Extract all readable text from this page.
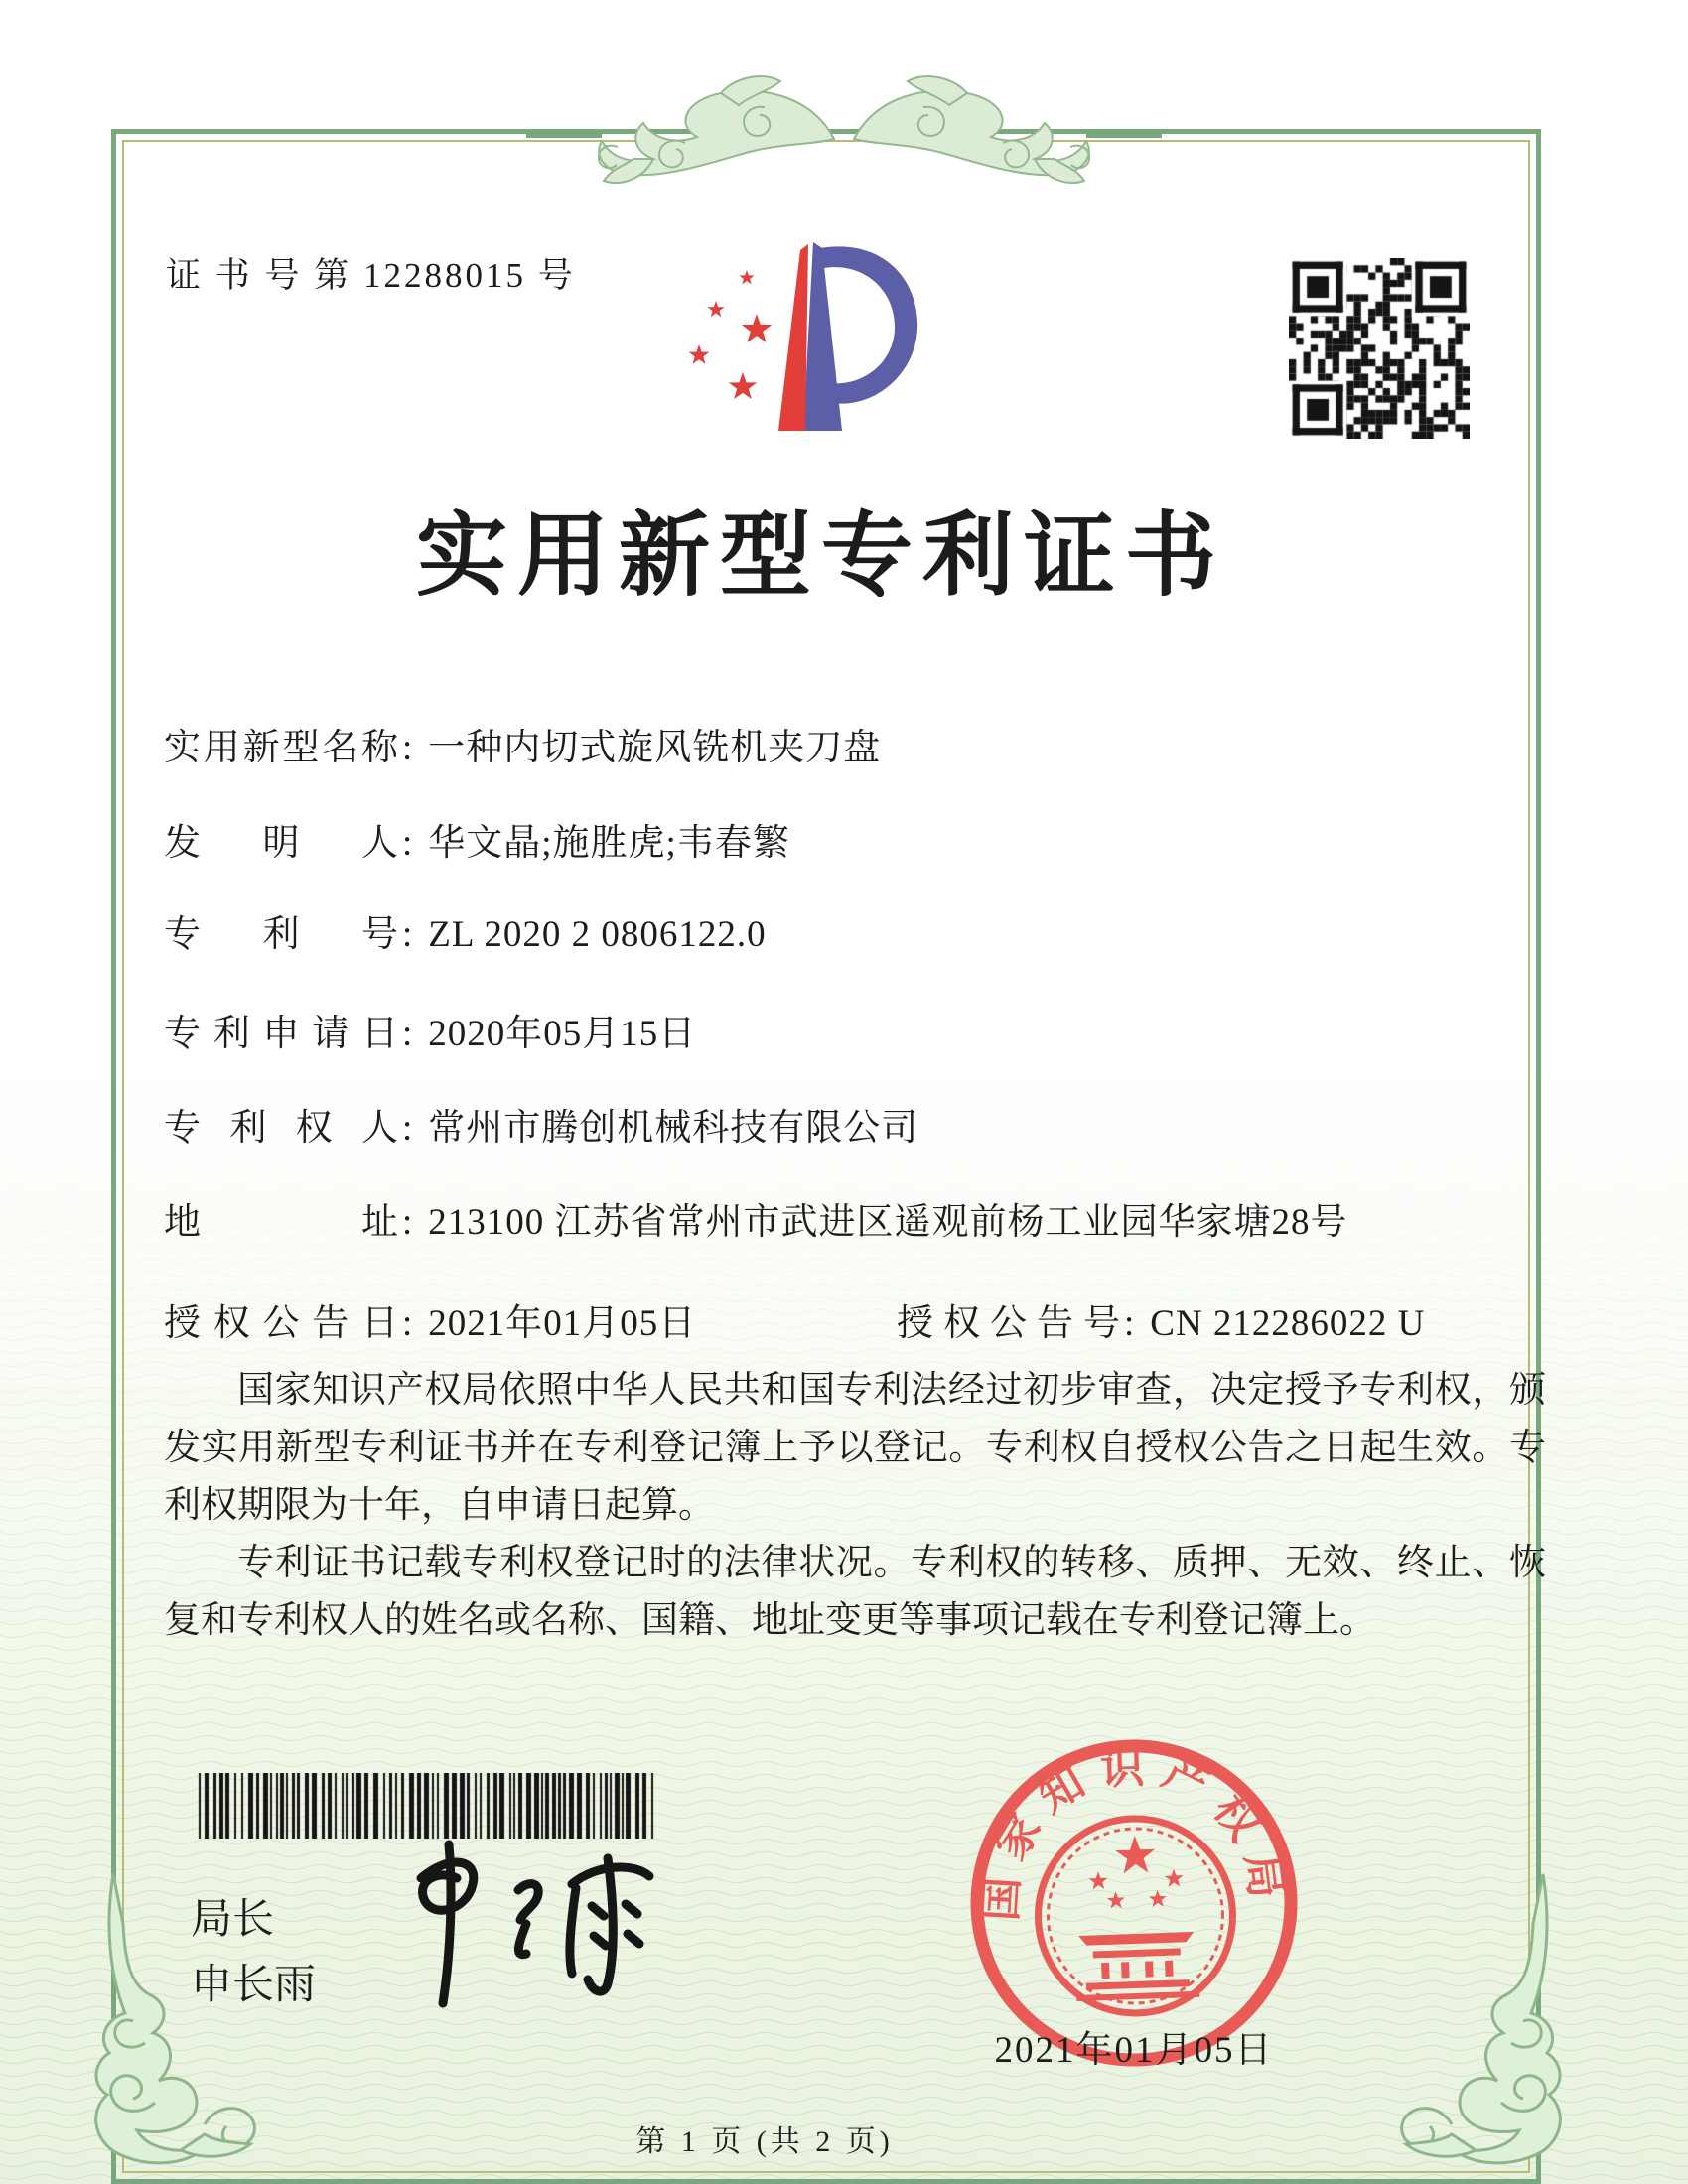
证 书 号 第 12288015 号
实用新型专利证书
实用新型名称 : 一种内切式旋风铣机夹刀盘
发明人 : 华文晶;施胜虎;韦春繁
专利号 : ZL 2020 2 0806122.0
专利申请日 : 2020年05月15日
专利权人 : 常州市腾创机械科技有限公司
地址 : 213100 江苏省常州市武进区遥观前杨工业园华家塘28号
授权公告日 : 2021年01月05日	授权公告号 : CN 212286022 U

国家知识产权局依照中华人民共和国专利法经过初步审查，决定授予专利权，颁发实用新型专利证书并在专利登记簿上予以登记。专利权自授权公告之日起生效。专利权期限为十年，自申请日起算。

专利证书记载专利权登记时的法律状况。专利权的转移、质押、无效、终止、恢复和专利权人的姓名或名称、国籍、地址变更等事项记载在专利登记簿上。

局长
申长雨
国家知识产权局
2021年01月05日
第 1 页 (共 2 页)
